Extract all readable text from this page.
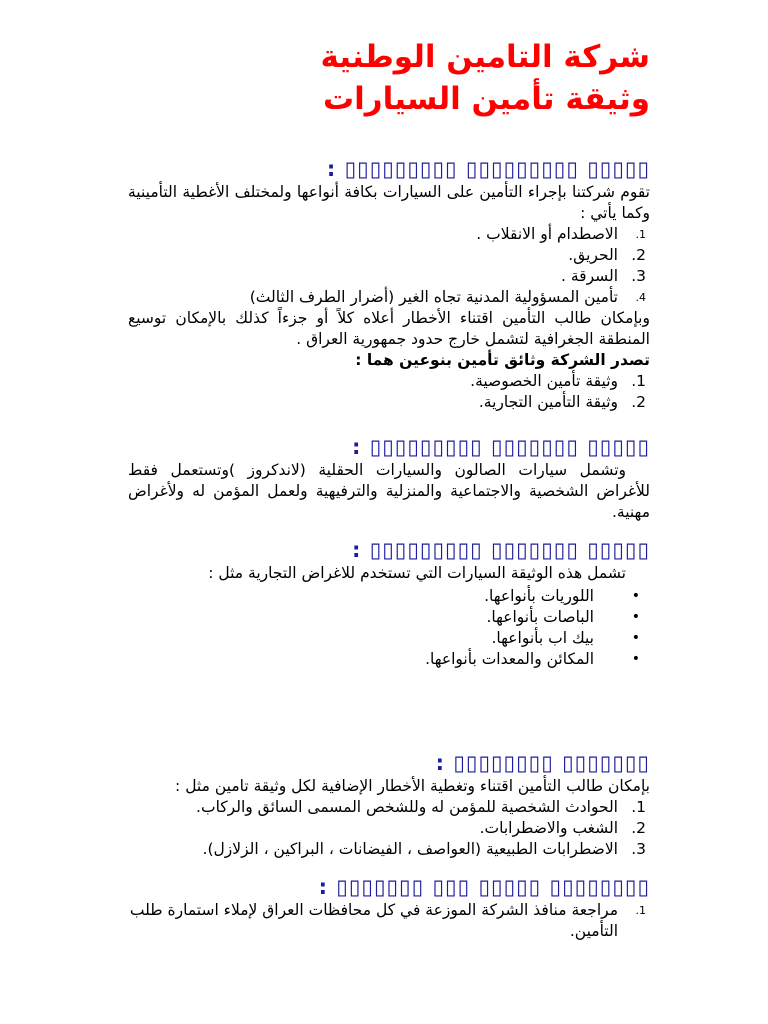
شركة التامين الوطنية
وثيقة تأمين السيارات
▯▯▯▯▯ ▯▯▯▯▯▯▯▯▯ ▯▯▯▯▯▯▯▯▯ :

تقوم شركتنا بإجراء التأمين على السيارات بكافة أنواعها ولمختلف الأغطية التأمينية وكما يأتي :

1.
الاصطدام أو الانقلاب .
2.
الحريق.
3.
السرقة .
4.
تأمين المسؤولية المدنية تجاه الغير (أضرار الطرف الثالث)

وبإمكان طالب التأمين اقتناء الأخطار أعلاه كلاً أو جزءاً كذلك بالإمكان توسيع المنطقة الجغرافية لتشمل خارج حدود جمهورية العراق .

تصدر الشركة وثائق تأمين بنوعين هما :

1.
وثيقة تأمين الخصوصية.
2.
وثيقة التأمين التجارية.
▯▯▯▯▯ ▯▯▯▯▯▯▯ ▯▯▯▯▯▯▯▯▯ :

وتشمل سيارات الصالون والسيارات الحقلية (لاندكروز )وتستعمل فقط للأغراض الشخصية والاجتماعية والمنزلية والترفيهية ولعمل المؤمن له ولأغراض مهنية.

▯▯▯▯▯ ▯▯▯▯▯▯▯ ▯▯▯▯▯▯▯▯▯ :

تشمل هذه الوثيقة السيارات التي تستخدم للاغراض التجارية مثل :

•
اللوريات بأنواعها.
•
الباصات بأنواعها.
•
بيك اب بأنواعها.
•
المكائن والمعدات بأنواعها.
▯▯▯▯▯▯▯ ▯▯▯▯▯▯▯▯ :

بإمكان طالب التأمين اقتناء وتغطية الأخطار الإضافية لكل وثيقة تامين مثل :

1.
الحوادث الشخصية للمؤمن له وللشخص المسمى السائق والركاب.
2.
الشغب والاضطرابات.
3.
الاضطرابات الطبيعية (العواصف ، الفيضانات ، البراكين ، الزلازل).
▯▯▯▯▯▯▯▯ ▯▯▯▯▯ ▯▯▯ ▯▯▯▯▯▯▯ :
1.
مراجعة منافذ الشركة الموزعة في كل محافظات العراق لإملاء استمارة طلب التأمين.
